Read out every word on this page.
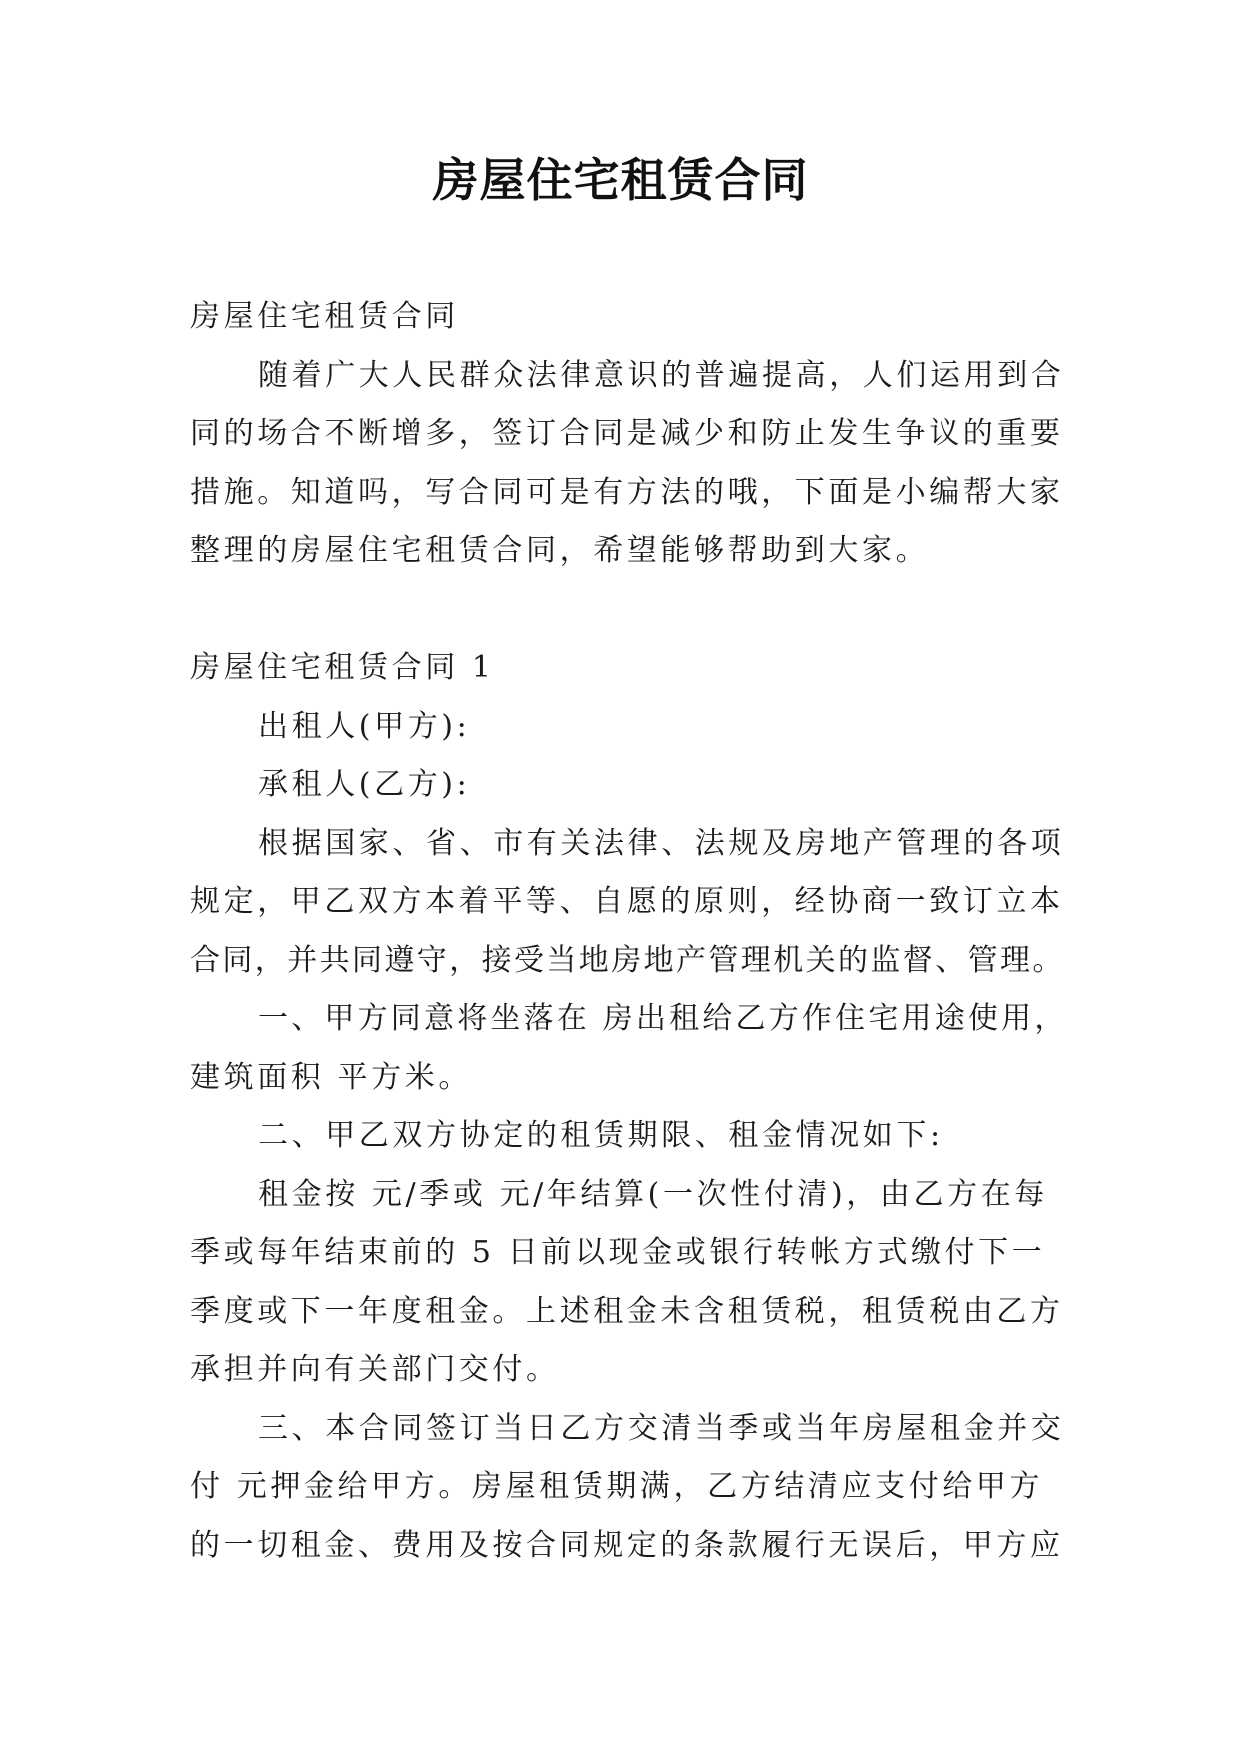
房屋住宅租赁合同
房屋住宅租赁合同
随着广大人民群众法律意识的普遍提高，人们运用到合
同的场合不断增多，签订合同是减少和防止发生争议的重要
措施。知道吗，写合同可是有方法的哦，下面是小编帮大家
整理的房屋住宅租赁合同，希望能够帮助到大家。
房屋住宅租赁合同 1
出租人(甲方):
承租人(乙方):
根据国家、省、市有关法律、法规及房地产管理的各项
规定，甲乙双方本着平等、自愿的原则，经协商一致订立本
合同，并共同遵守，接受当地房地产管理机关的监督、管理。
一、甲方同意将坐落在 房出租给乙方作住宅用途使用，
建筑面积 平方米。
二、甲乙双方协定的租赁期限、租金情况如下:
租金按 元/季或 元/年结算(一次性付清)，由乙方在每
季或每年结束前的 5 日前以现金或银行转帐方式缴付下一
季度或下一年度租金。上述租金未含租赁税，租赁税由乙方
承担并向有关部门交付。
三、本合同签订当日乙方交清当季或当年房屋租金并交
付 元押金给甲方。房屋租赁期满，乙方结清应支付给甲方
的一切租金、费用及按合同规定的条款履行无误后，甲方应
